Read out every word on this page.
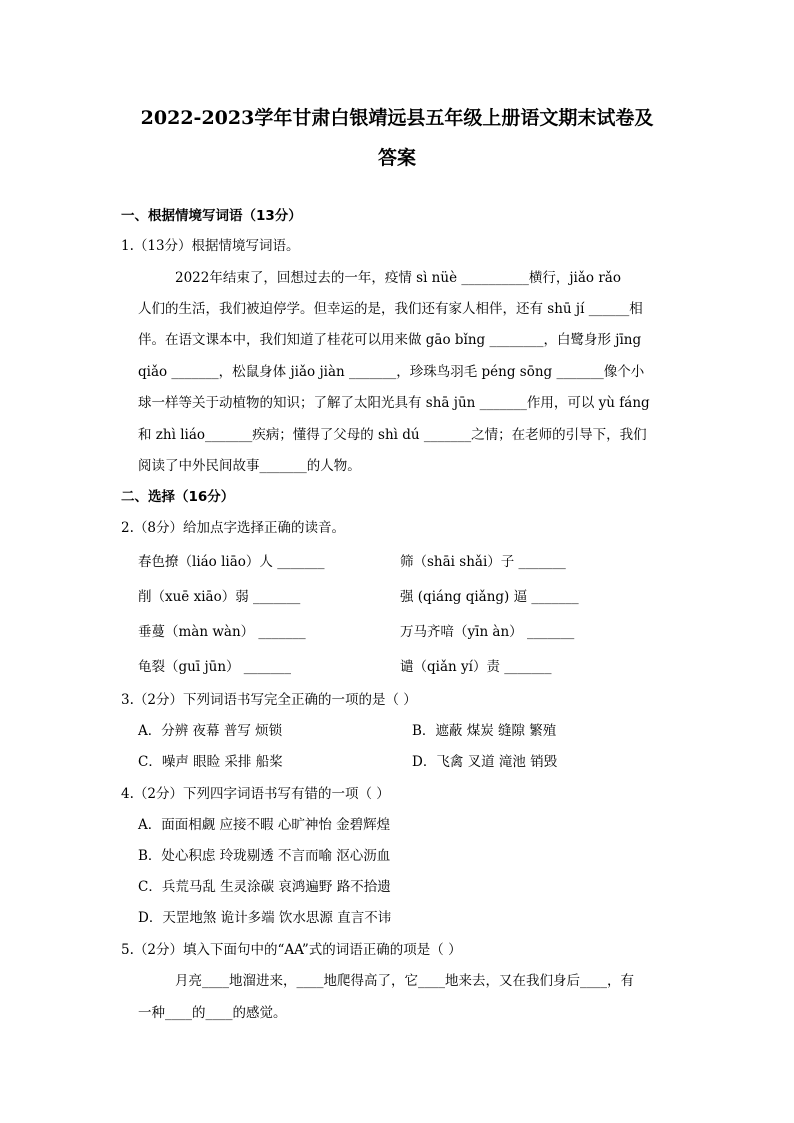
2022-2023学年甘肃白银靖远县五年级上册语文期末试卷及
答案
一、根据情境写词语（13分）
1.（13分）根据情境写词语。
2022年结束了，回想过去的一年，疫情 sì nüè __________横行，jiǎo rǎo
人们的生活，我们被迫停学。但幸运的是，我们还有家人相伴，还有 shū jí ______相
伴。在语文课本中，我们知道了桂花可以用来做 gāo bǐng ________，白鹭身形 jīng
qiǎo _______，松鼠身体 jiǎo jiàn _______，珍珠鸟羽毛 péng sōng _______像个小
球一样等关于动植物的知识；了解了太阳光具有 shā jūn _______作用，可以 yù fáng
和 zhì liáo_______疾病；懂得了父母的 shì dú _______之情；在老师的引导下，我们
阅读了中外民间故事_______的人物。
二、选择（16分）
2.（8分）给加点字选择正确的读音。
春色撩（liáo liāo）人 _______	筛（shāi shǎi）子 _______
削（xuē xiāo）弱 _______	强 (qiáng qiǎng) 逼 _______
垂蔓（màn wàn） _______	万马齐喑（yīn àn） _______
龟裂（guī jūn） _______	谴（qiǎn yí）责 _______
3.（2分）下列词语书写完全正确的一项的是（ ）
A．分辨 夜幕 普写 烦锁	B．遮蔽 煤炭 缝隙 繁殖
C．噪声 眼睑 采排 船桨	D．飞禽 叉道 滝池 销毁
4.（2分）下列四字词语书写有错的一项（ ）
A．面面相觑 应接不暇 心旷神怡 金碧辉煌
B．处心积虑 玲珑剔透 不言而喻 沤心沥血
C．兵荒马乱 生灵涂碳 哀鸿遍野 路不拾遗
D．天罡地煞 诡计多端 饮水思源 直言不讳
5.（2分）填入下面句中的“AA”式的词语正确的项是（ ）
月亮____地溜进来，____地爬得高了，它____地来去，又在我们身后____，有
一种____的____的感觉。
